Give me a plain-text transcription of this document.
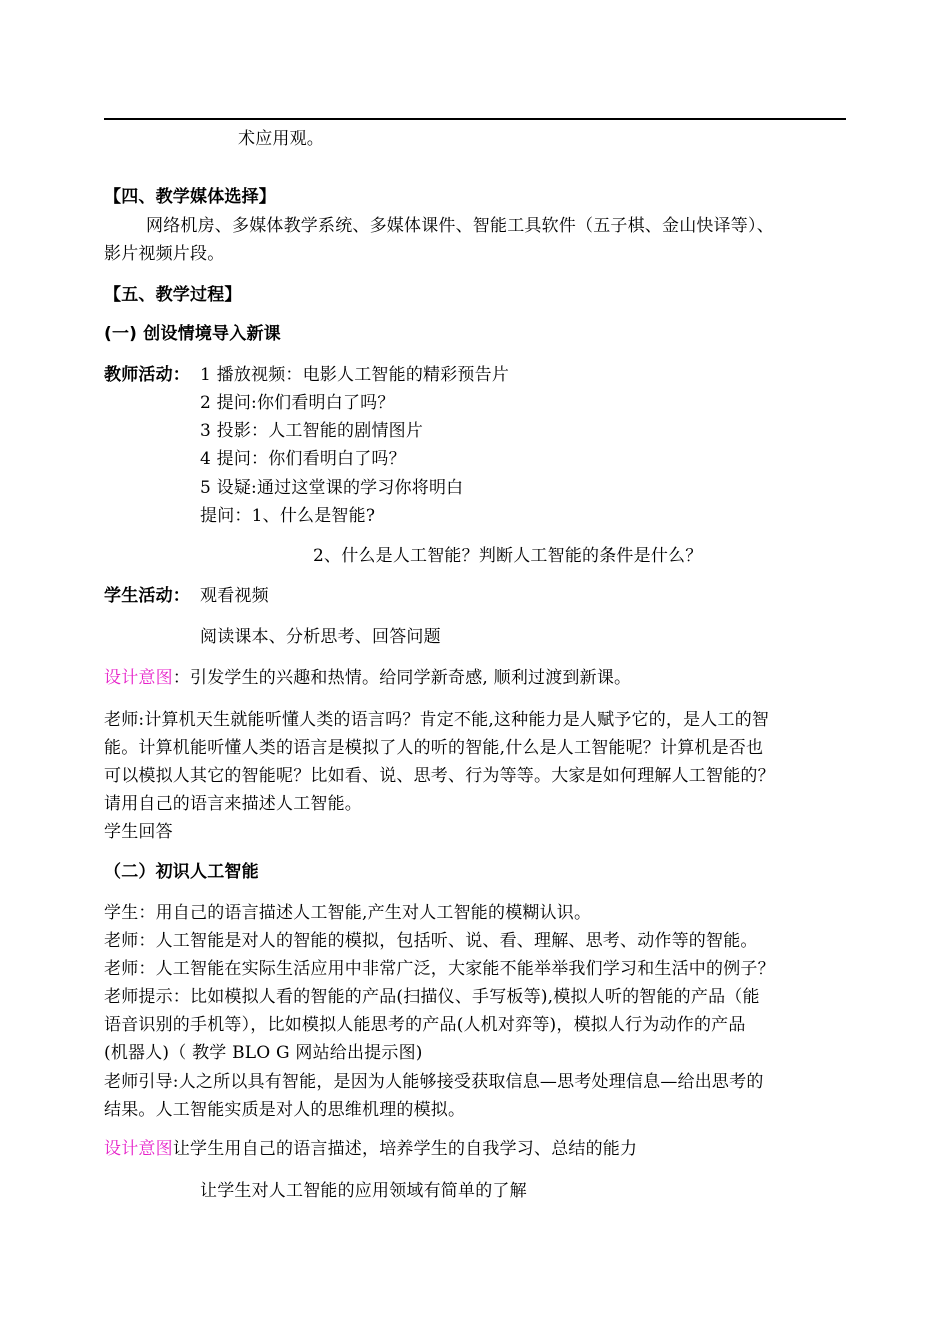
术应用观。
【四、教学媒体选择】
网络机房、多媒体教学系统、多媒体课件、智能工具软件（五子棋、金山快译等）、
影片视频片段。
【五、教学过程】
(一) 创设情境导入新课
教师活动： 1 播放视频：电影人工智能的精彩预告片
2 提问:你们看明白了吗？
3 投影：人工智能的剧情图片
4 提问：你们看明白了吗？
5 设疑:通过这堂课的学习你将明白
提问：1、什么是智能?
2、什么是人工智能？判断人工智能的条件是什么？
学生活动： 观看视频
阅读课本、分析思考、回答问题
设计意图：引发学生的兴趣和热情。给同学新奇感, 顺利过渡到新课。
老师:计算机天生就能听懂人类的语言吗？肯定不能,这种能力是人赋予它的，是人工的智
能。计算机能听懂人类的语言是模拟了人的听的智能,什么是人工智能呢？计算机是否也
可以模拟人其它的智能呢？比如看、说、思考、行为等等。大家是如何理解人工智能的？
请用自己的语言来描述人工智能。
学生回答
（二）初识人工智能
学生：用自己的语言描述人工智能,产生对人工智能的模糊认识。
老师：人工智能是对人的智能的模拟，包括听、说、看、理解、思考、动作等的智能。
老师：人工智能在实际生活应用中非常广泛，大家能不能举举我们学习和生活中的例子？
老师提示：比如模拟人看的智能的产品(扫描仪、手写板等),模拟人听的智能的产品（能
语音识别的手机等），比如模拟人能思考的产品(人机对弈等)，模拟人行为动作的产品
(机器人)（ 教学 BLO G 网站给出提示图)
老师引导:人之所以具有智能，是因为人能够接受获取信息—思考处理信息—给出思考的
结果。人工智能实质是对人的思维机理的模拟。
设计意图让学生用自己的语言描述，培养学生的自我学习、总结的能力
让学生对人工智能的应用领域有简单的了解
